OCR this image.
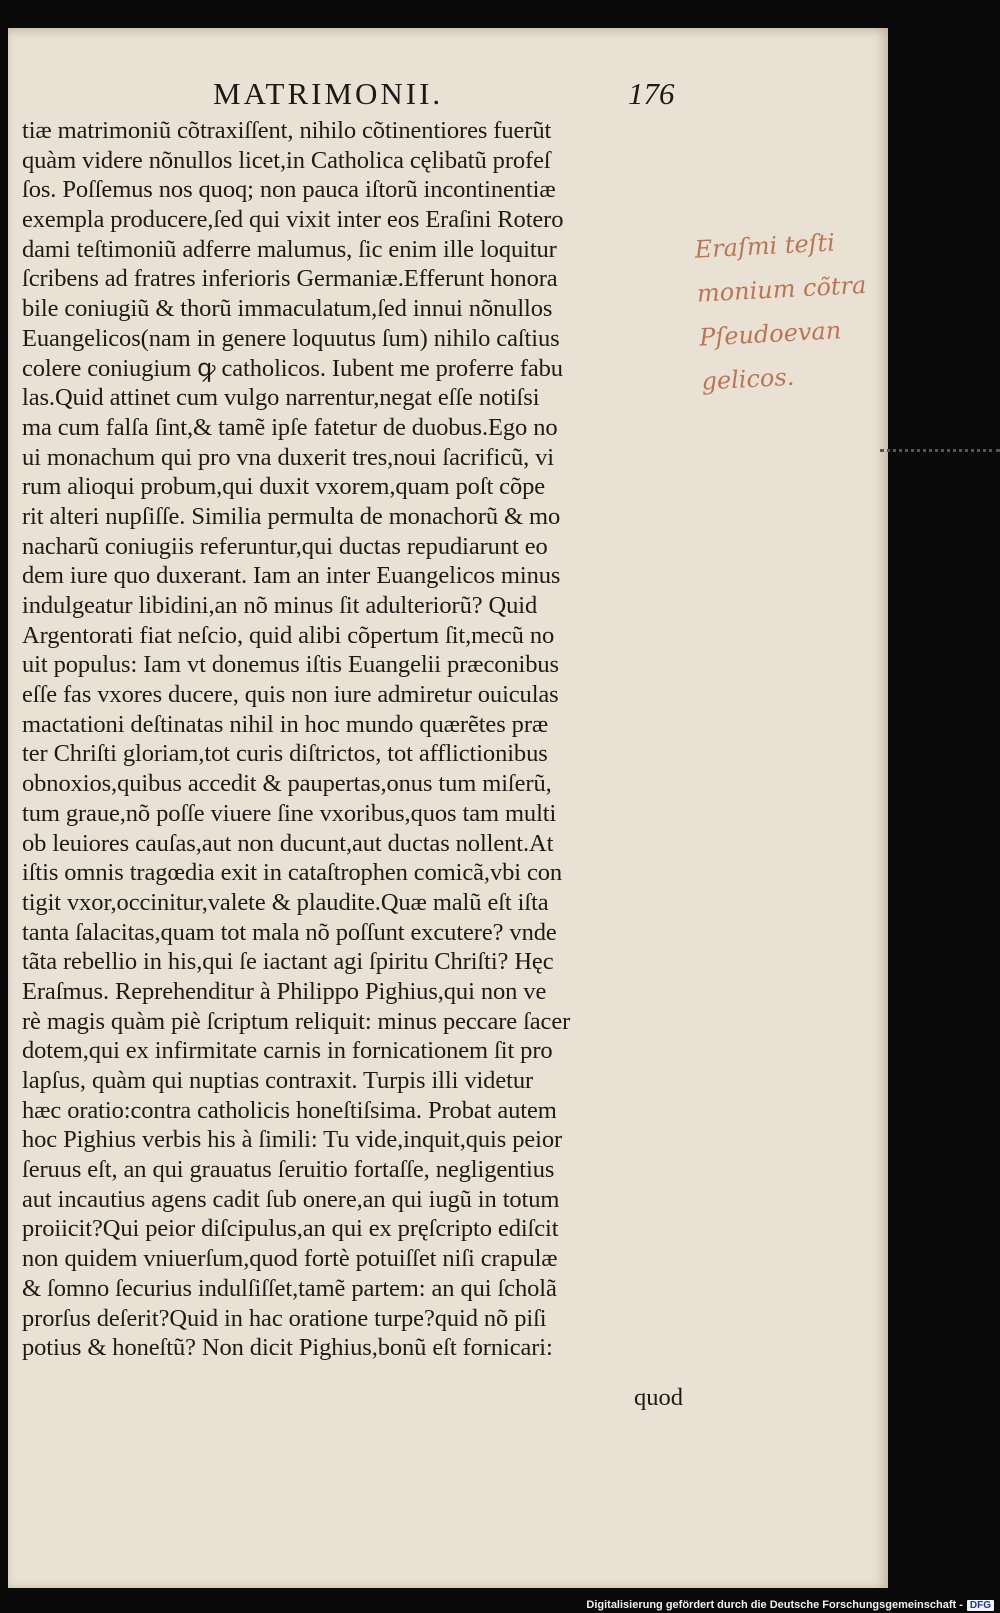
MATRIMONII.	176
tiæ matrimoniũ cõtraxiſſent, nihilo cõtinentiores fuerũt
quàm videre nõnullos licet,in Catholica cęlibatũ profeſ
ſos. Poſſemus nos quoq; non pauca iſtorũ incontinentiæ
exempla producere,ſed qui vixit inter eos Eraſini Rotero
dami teſtimoniũ adferre malumus, ſic enim ille loquitur
ſcribens ad fratres inferioris Germaniæ.Efferunt honora
bile coniugiũ & thorũ immaculatum,ſed innui nõnullos
Euangelicos(nam in genere loquutus ſum) nihilo caſtius
colere coniugium ꝙ catholicos. Iubent me proferre fabu
las.Quid attinet cum vulgo narrentur,negat eſſe notiſsi
ma cum falſa ſint,& tamẽ ipſe fatetur de duobus.Ego no
ui monachum qui pro vna duxerit tres,noui ſacrificũ, vi
rum alioqui probum,qui duxit vxorem,quam poſt cõpe
rit alteri nupſiſſe. Similia permulta de monachorũ & mo
nacharũ coniugiis referuntur,qui ductas repudiarunt eo
dem iure quo duxerant. Iam an inter Euangelicos minus
indulgeatur libidini,an nõ minus ſit adulteriorũ? Quid
Argentorati fiat neſcio, quid alibi cõpertum ſit,mecũ no
uit populus: Iam vt donemus iſtis Euangelii præconibus
eſſe fas vxores ducere, quis non iure admiretur ouiculas
mactationi deſtinatas nihil in hoc mundo quærẽtes præ
ter Chriſti gloriam,tot curis diſtrictos, tot afflictionibus
obnoxios,quibus accedit & paupertas,onus tum miſerũ,
tum graue,nõ poſſe viuere ſine vxoribus,quos tam multi
ob leuiores cauſas,aut non ducunt,aut ductas nollent.At
iſtis omnis tragœdia exit in cataſtrophen comicã,vbi con
tigit vxor,occinitur,valete & plaudite.Quæ malũ eſt iſta
tanta ſalacitas,quam tot mala nõ poſſunt excutere? vnde
tãta rebellio in his,qui ſe iactant agi ſpiritu Chriſti? Hęc
Eraſmus. Reprehenditur à Philippo Pighius,qui non ve
rè magis quàm piè ſcriptum reliquit: minus peccare ſacer
dotem,qui ex infirmitate carnis in fornicationem ſit pro
lapſus, quàm qui nuptias contraxit. Turpis illi videtur
hæc oratio:contra catholicis honeſtiſsima. Probat autem
hoc Pighius verbis his à ſimili: Tu vide,inquit,quis peior
ſeruus eſt, an qui grauatus ſeruitio fortaſſe, negligentius
aut incautius agens cadit ſub onere,an qui iugũ in totum
proiicit?Qui peior diſcipulus,an qui ex pręſcripto ediſcit
non quidem vniuerſum,quod fortè potuiſſet niſi crapulæ
& ſomno ſecurius indulſiſſet,tamẽ partem: an qui ſcholã
prorſus deſerit?Quid in hac oratione turpe?quid nõ piſi
potius & honeſtũ? Non dicit Pighius,bonũ eſt fornicari:
quod
Eraſmi teſti
monium cõtra
Pſeudoevan
gelicos.
Digitalisierung gefördert durch die Deutsche Forschungsgemeinschaft - DFG
